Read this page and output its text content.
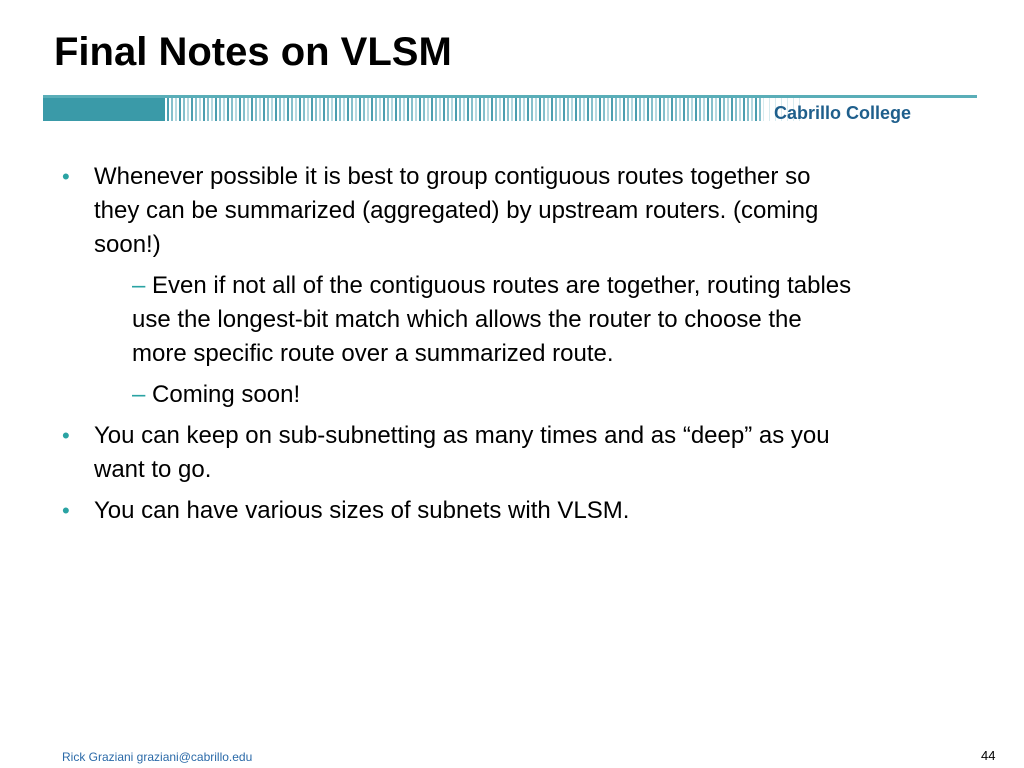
Final Notes on VLSM
Cabrillo College
• Whenever possible it is best to group contiguous routes together so
they can be summarized (aggregated) by upstream routers. (coming
soon!)
– Even if not all of the contiguous routes are together, routing tables
use the longest-bit match which allows the router to choose the
more specific route over a summarized route.
– Coming soon!
• You can keep on sub-subnetting as many times and as “deep” as you
want to go.
• You can have various sizes of subnets with VLSM.
Rick Graziani graziani@cabrillo.edu	44
